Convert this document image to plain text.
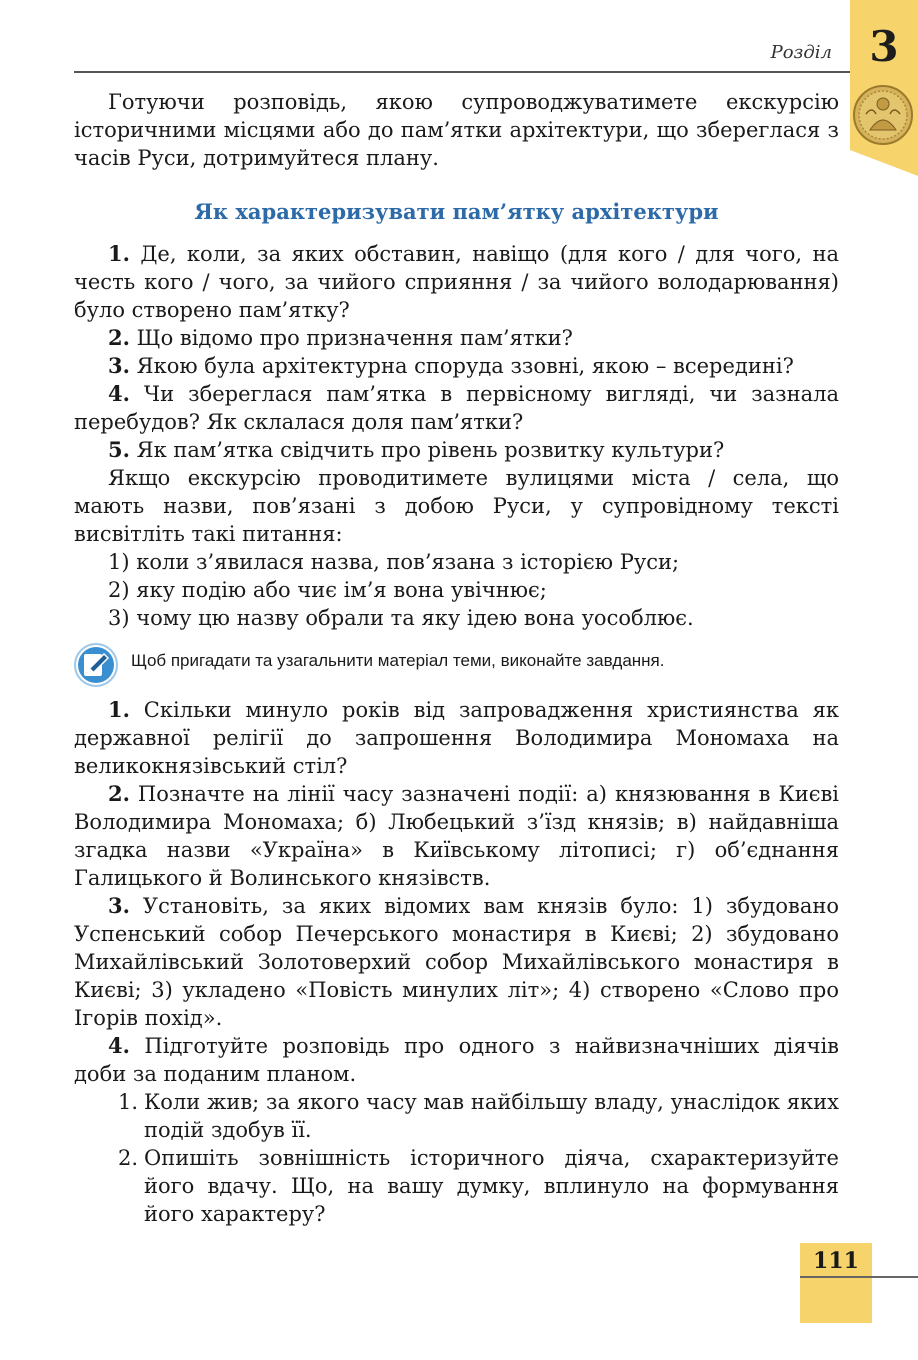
Розділ 3

Готуючи розповідь, якою супроводжуватимете екскурсію історичними місцями або до пам’ятки архітектури, що збереглася з часів Руси, дотримуйтеся плану.

Як характеризувати пам’ятку архітектури

1. Де, коли, за яких обставин, навіщо (для кого / для чого, на честь кого / чого, за чийого сприяння / за чийого володарювання) було створено пам’ятку?

2. Що відомо про призначення пам’ятки?

3. Якою була архітектурна споруда ззовні, якою – всередині?

4. Чи збереглася пам’ятка в первісному вигляді, чи зазнала перебудов? Як склалася доля пам’ятки?

5. Як пам’ятка свідчить про рівень розвитку культури?

Якщо екскурсію проводитимете вулицями міста / села, що мають назви, пов’язані з добою Руси, у супровідному тексті висвітліть такі питання:

1) коли з’явилася назва, пов’язана з історією Руси;

2) яку подію або чиє ім’я вона увічнює;

3) чому цю назву обрали та яку ідею вона уособлює.

Щоб пригадати та узагальнити матеріал теми, виконайте завдання.

1. Скільки минуло років від запровадження християнства як державної релігії до запрошення Володимира Мономаха на великокнязівський стіл?

2. Позначте на лінії часу зазначені події: а) князювання в Києві Володимира Мономаха; б) Любецький з’їзд князів; в) найдавніша згадка назви «Україна» в Київському літописі; г) об’єднання Галицького й Волинського князівств.

3. Установіть, за яких відомих вам князів було: 1) збудовано Успенський собор Печерського монастиря в Києві; 2) збудовано Михайлівський Золотоверхий собор Михайлівського монастиря в Києві; 3) укладено «Повість минулих літ»; 4) створено «Слово про Ігорів похід».

4. Підготуйте розповідь про одного з найвизначніших діячів доби за поданим планом.

1. Коли жив; за якого часу мав найбільшу владу, унаслідок яких подій здобув її.
2. Опишіть зовнішність історичного діяча, схарактеризуйте його вдачу. Що, на вашу думку, вплинуло на формування його характеру?
111
